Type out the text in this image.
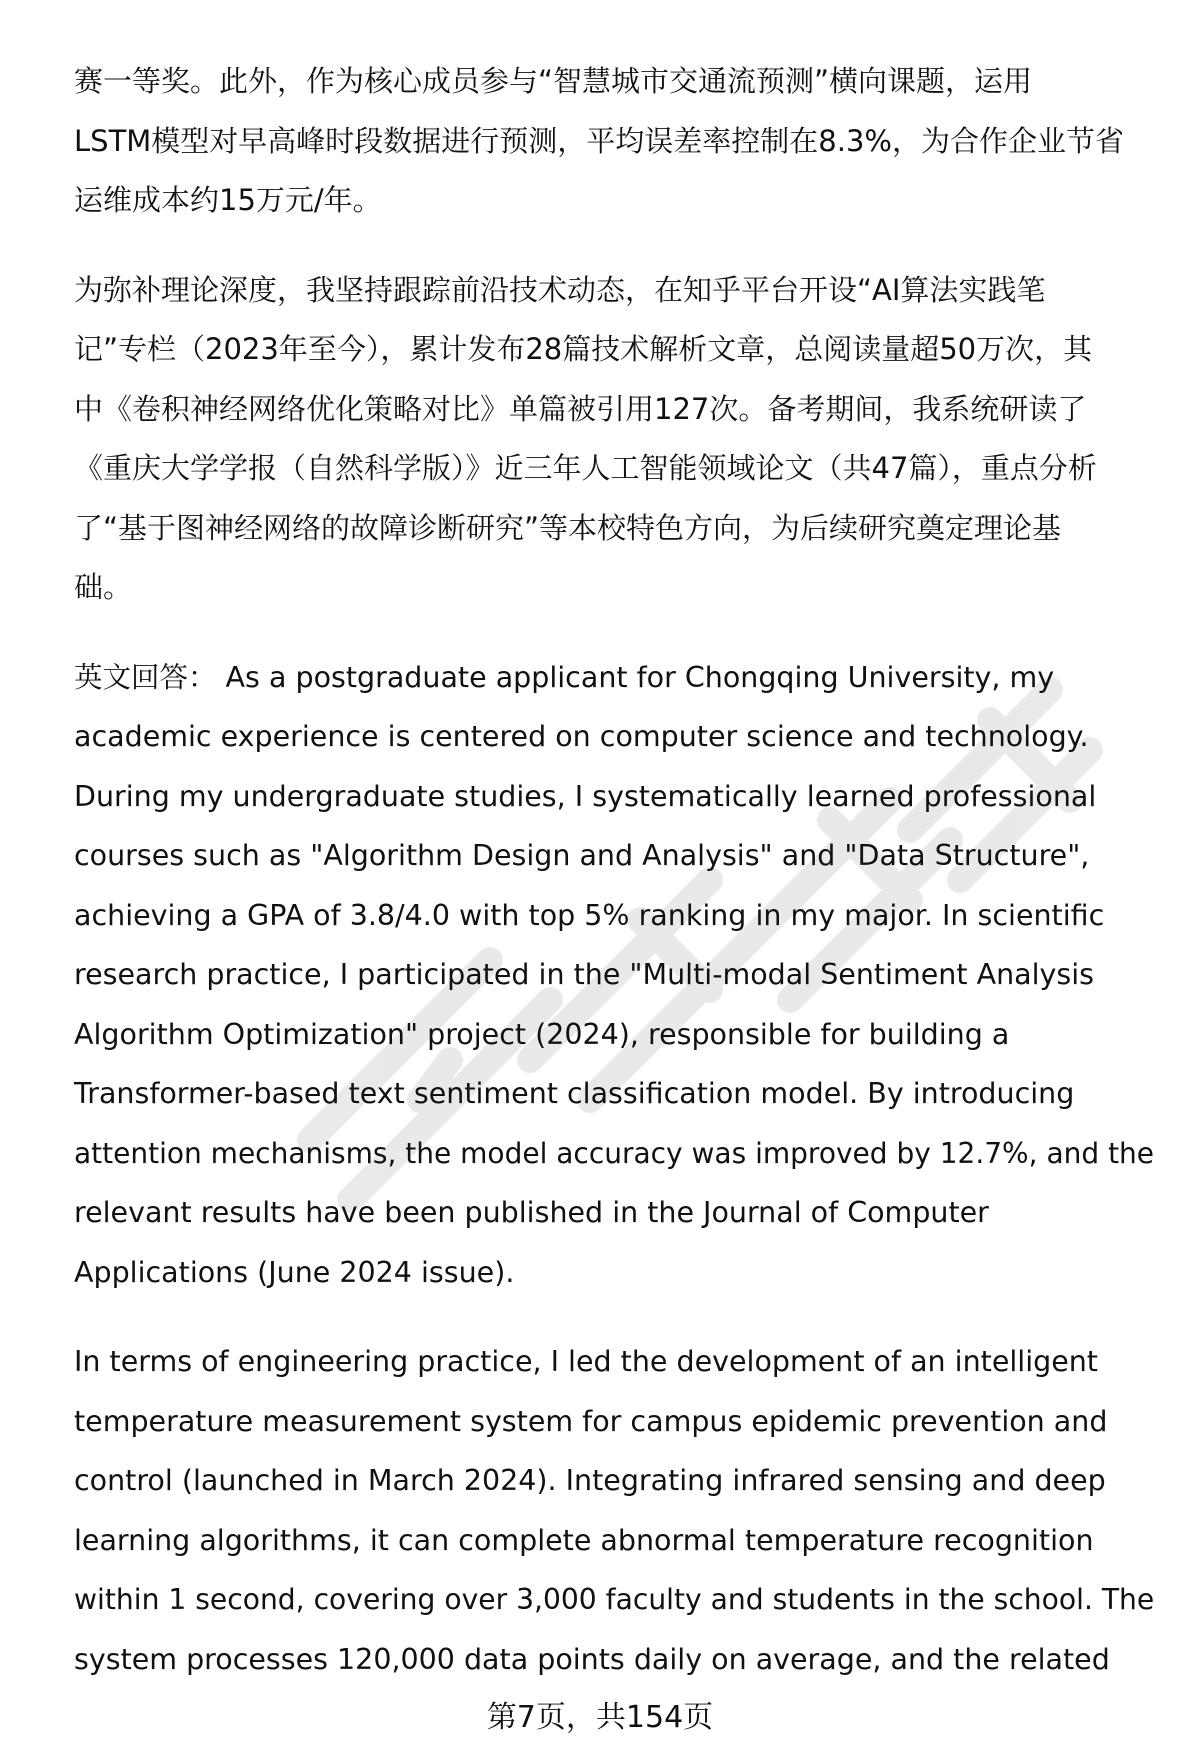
赛一等奖。此外，作为核心成员参与“智慧城市交通流预测”横向课题，运用
LSTM模型对早高峰时段数据进行预测，平均误差率控制在8.3%，为合作企业节省
运维成本约15万元/年。

为弥补理论深度，我坚持跟踪前沿技术动态，在知乎平台开设“AI算法实践笔
记”专栏（2023年至今），累计发布28篇技术解析文章，总阅读量超50万次，其
中《卷积神经网络优化策略对比》单篇被引用127次。备考期间，我系统研读了
《重庆大学学报（自然科学版）》近三年人工智能领域论文（共47篇），重点分析
了“基于图神经网络的故障诊断研究”等本校特色方向，为后续研究奠定理论基
础。

英文回答： As a postgraduate applicant for Chongqing University, my
academic experience is centered on computer science and technology.
During my undergraduate studies, I systematically learned professional
courses such as "Algorithm Design and Analysis" and "Data Structure",
achieving a GPA of 3.8/4.0 with top 5% ranking in my major. In scientific
research practice, I participated in the "Multi-modal Sentiment Analysis
Algorithm Optimization" project (2024), responsible for building a
Transformer-based text sentiment classification model. By introducing
attention mechanisms, the model accuracy was improved by 12.7%, and the
relevant results have been published in the Journal of Computer
Applications (June 2024 issue).

In terms of engineering practice, I led the development of an intelligent
temperature measurement system for campus epidemic prevention and
control (launched in March 2024). Integrating infrared sensing and deep
learning algorithms, it can complete abnormal temperature recognition
within 1 second, covering over 3,000 faculty and students in the school. The
system processes 120,000 data points daily on average, and the related

第7页，共154页
